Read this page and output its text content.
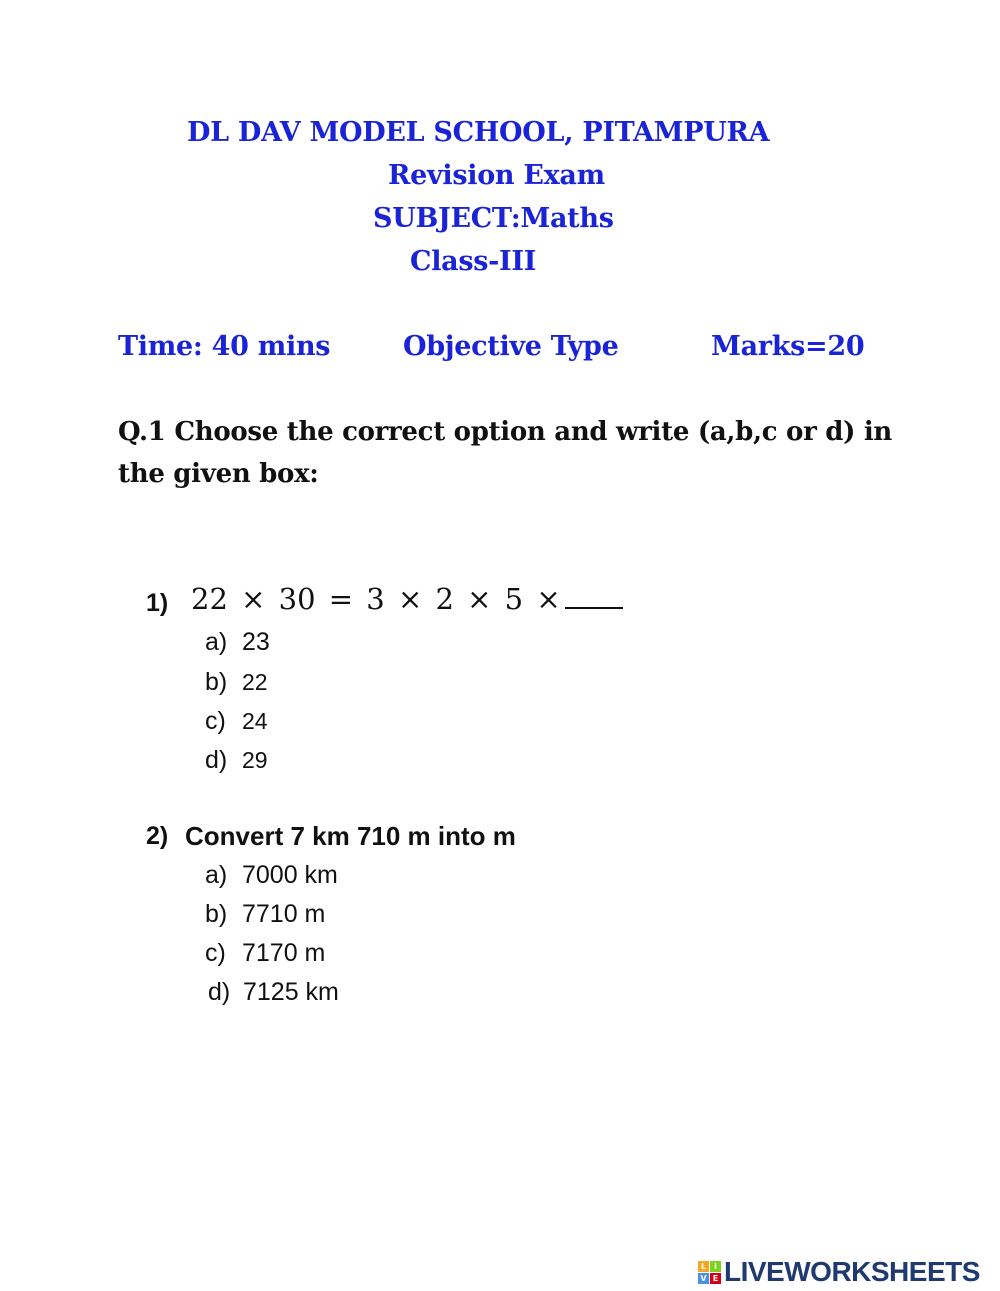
DL DAV MODEL SCHOOL, PITAMPURA
Revision Exam
SUBJECT:Maths
Class-III
Time: 40 mins	Objective Type	Marks=20
Q.1 Choose the correct option and write (a,b,c or d) in
the given box:
1) 22 × 30 = 3 × 2 × 5 ×
a) 23
b) 22
c) 24
d) 29
2) Convert 7 km 710 m into m
a) 7000 km
b) 7710 m
c) 7170 m
d) 7125 km
L	i
V E LIVEWORKSHEETS
